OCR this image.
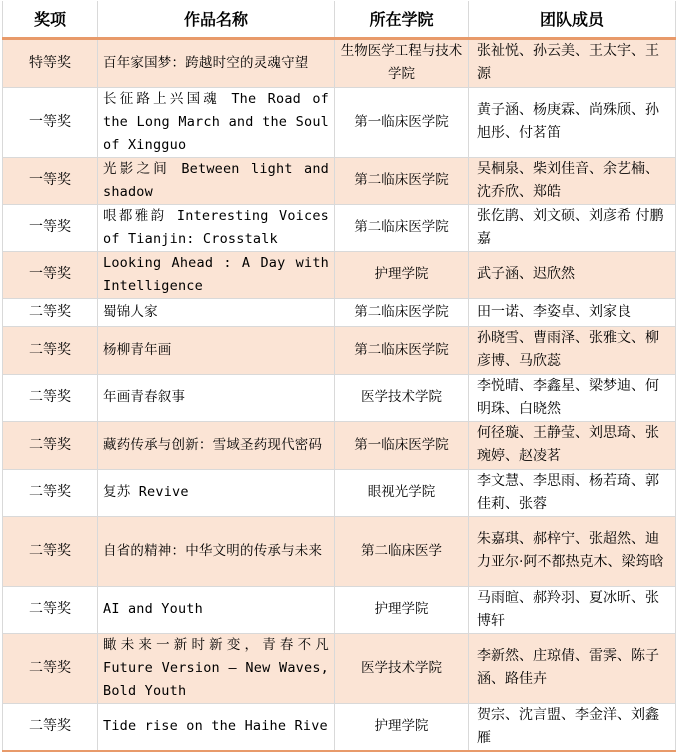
奖项	作品名称	所在学院	团队成员
特等奖	百年家国梦：跨越时空的灵魂守望	生物医学工程与技术学院	张祉悦、孙云美、王太宇、王源
一等奖	长征路上兴国魂 The Road of the Long March and the Soul of Xingguo	第一临床医学院	黄子涵、杨庚霖、尚殊颀、孙旭彤、付茗笛
一等奖	光影之间 Between light and shadow	第二临床医学院	吴桐泉、柴刘佳音、余艺楠、沈乔欣、郑皓
一等奖	哏都雅韵 Interesting Voices of Tianjin: Crosstalk	第二临床医学院	张仡鹃、刘文硕、刘彦希 付鹏嘉
一等奖	Looking Ahead : A Day with Intelligence	护理学院	武子涵、迟欣然
二等奖	蜀锦人家	第二临床医学院	田一诺、李姿卓、刘家良
二等奖	杨柳青年画	第二临床医学院	孙晓雪、曹雨泽、张雅文、柳彦博、马欣蕊
二等奖	年画青春叙事	医学技术学院	李悦晴、李鑫星、梁梦迪、何明珠、白晓然
二等奖	藏药传承与创新：雪域圣药现代密码	第一临床医学院	何径璇、王静莹、刘思琦、张琬婷、赵凌茗
二等奖	复苏 Revive	眼视光学院	李文慧、李思雨、杨若琦、郭佳莉、张蓉
二等奖	自省的精神：中华文明的传承与未来	第二临床医学	朱嘉琪、郝梓宁、张超然、迪力亚尔·阿不都热克木、梁筠晗
二等奖	AI and Youth	护理学院	马雨暄、郝羚羽、夏冰昕、张博轩
二等奖	瞰未来一新时新变，青春不凡 Future Version — New Waves, Bold Youth	医学技术学院	李新然、庄琼倩、雷霁、陈子涵、路佳卉
二等奖	Tide rise on the Haihe Rive	护理学院	贺宗、沈言盟、李金洋、刘鑫雁
